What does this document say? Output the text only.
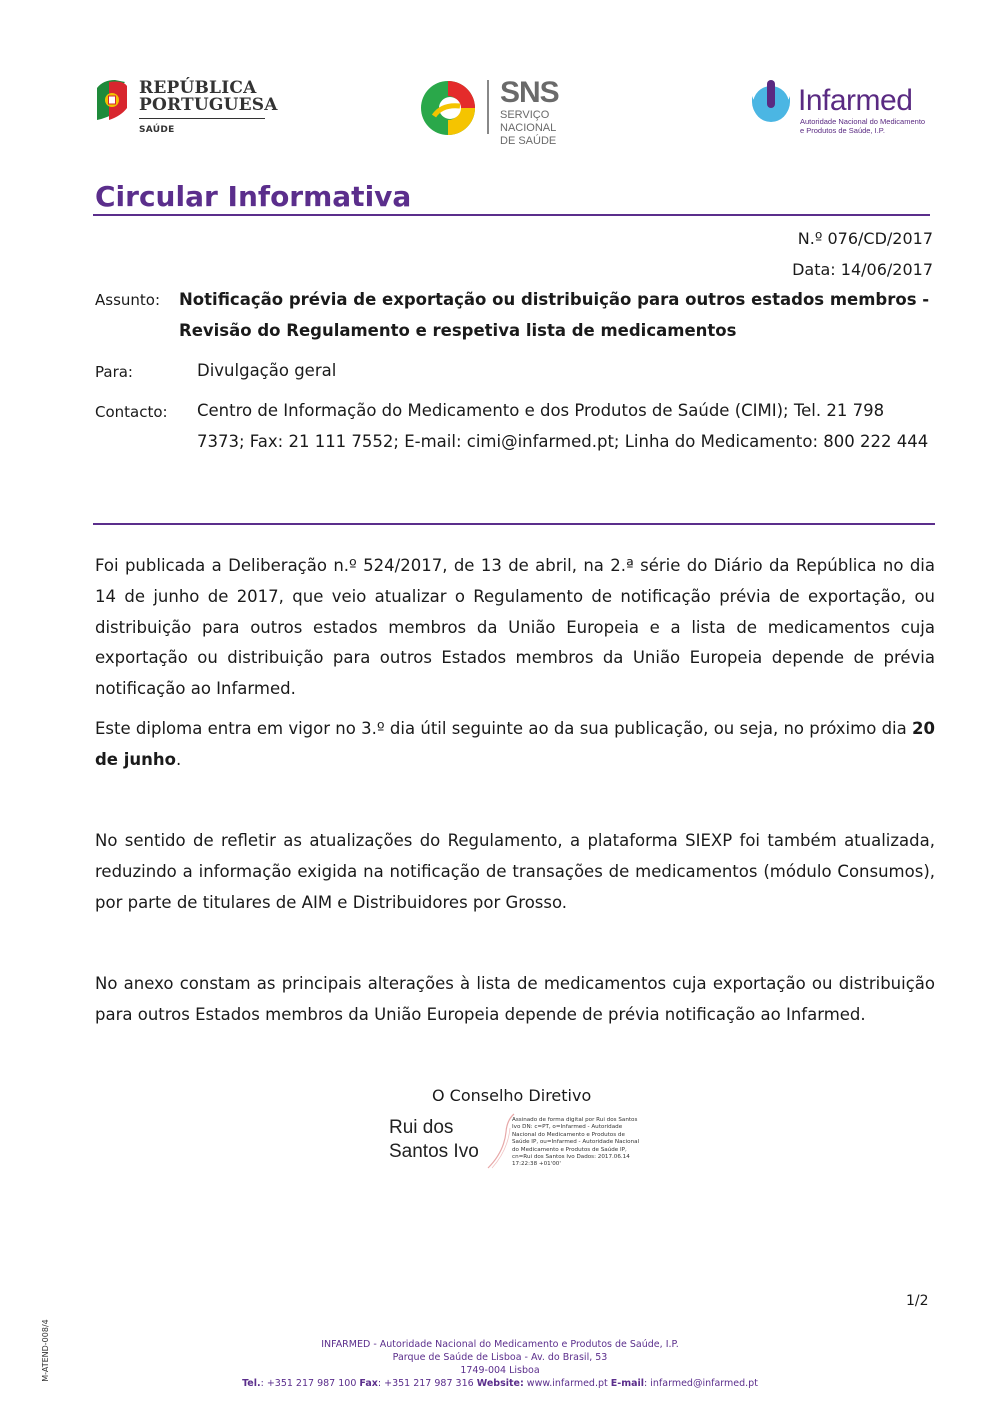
REPÚBLICA
PORTUGUESA
SAÚDE
SNS
SERVIÇO NACIONAL
DE SAÚDE
Infarmed
Autoridade Nacional do Medicamento
e Produtos de Saúde, I.P.
Circular Informativa
N.º 076/CD/2017
Data: 14/06/2017
Assunto: Notificação prévia de exportação ou distribuição para outros estados membros -
Revisão do Regulamento e respetiva lista de medicamentos
Para:	Divulgação geral
Contacto: Centro de Informação do Medicamento e dos Produtos de Saúde (CIMI); Tel. 21 798 7373; Fax: 21 111 7552; E-mail: cimi@infarmed.pt; Linha do Medicamento: 800 222 444
Foi publicada a Deliberação n.º 524/2017, de 13 de abril, na 2.ª série do Diário da República no dia 14 de junho de 2017, que veio atualizar o Regulamento de notificação prévia de exportação, ou distribuição para outros estados membros da União Europeia e a lista de medicamentos cuja exportação ou distribuição para outros Estados membros da União Europeia depende de prévia notificação ao Infarmed.
Este diploma entra em vigor no 3.º dia útil seguinte ao da sua publicação, ou seja, no próximo dia 20 de junho.
No sentido de refletir as atualizações do Regulamento, a plataforma SIEXP foi também atualizada, reduzindo a informação exigida na notificação de transações de medicamentos (módulo Consumos), por parte de titulares de AIM e Distribuidores por Grosso.
No anexo constam as principais alterações à lista de medicamentos cuja exportação ou distribuição para outros Estados membros da União Europeia depende de prévia notificação ao Infarmed.
O Conselho Diretivo
Rui dos
Santos Ivo
Assinado de forma digital por Rui dos Santos Ivo DN: c=PT, o=Infarmed - Autoridade Nacional do Medicamento e Produtos de Saúde IP, ou=Infarmed - Autoridade Nacional do Medicamento e Produtos de Saúde IP, cn=Rui dos Santos Ivo Dados: 2017.06.14 17:22:38 +01'00'
1/2
M-ATEND-008/4	INFARMED - Autoridade Nacional do Medicamento e Produtos de Saúde, I.P.
Parque de Saúde de Lisboa - Av. do Brasil, 53
1749-004 Lisboa
Tel.: +351 217 987 100 Fax: +351 217 987 316 Website: www.infarmed.pt E-mail: infarmed@infarmed.pt
